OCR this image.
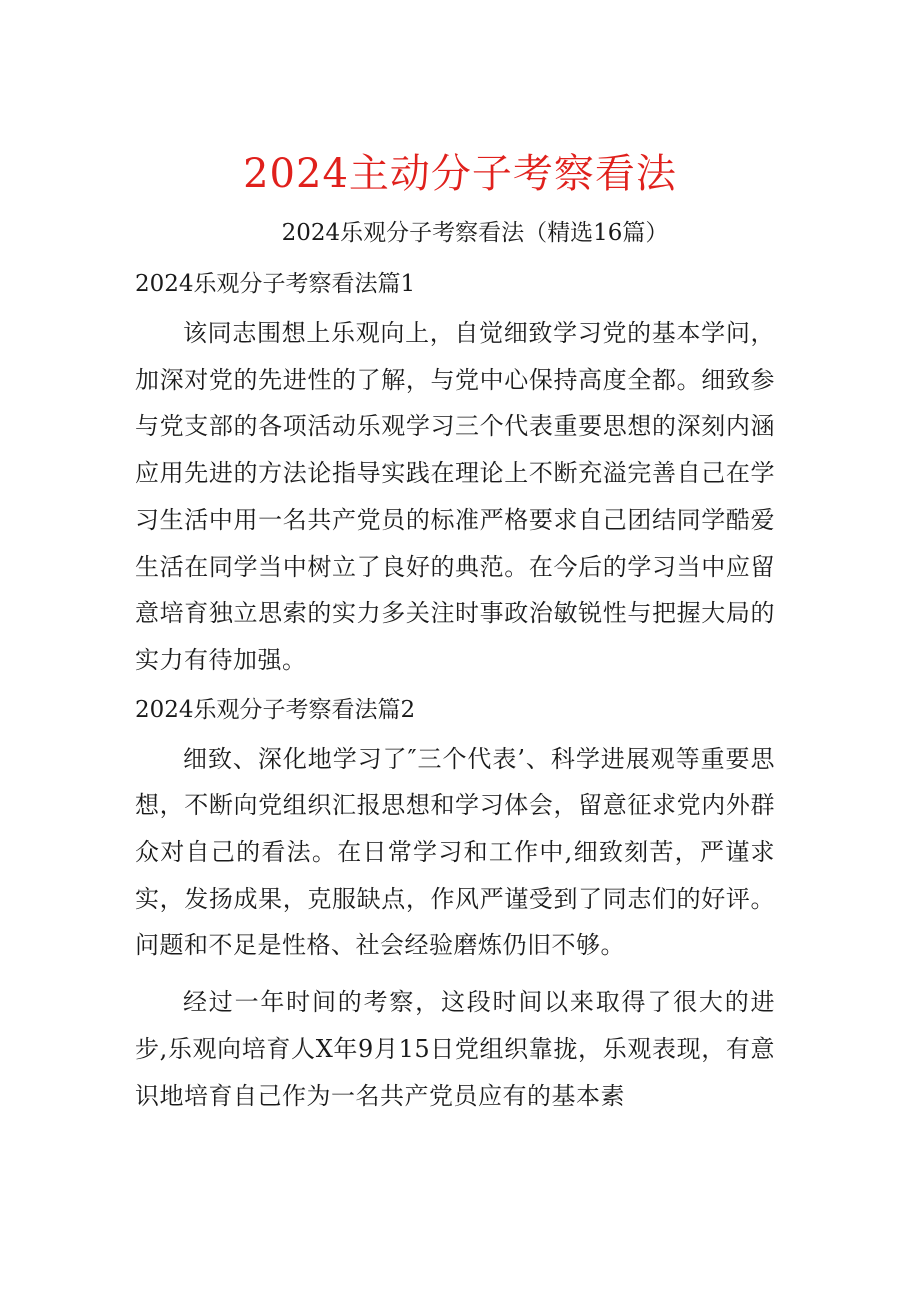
2024主动分子考察看法

2024乐观分子考察看法（精选16篇）

2024乐观分子考察看法篇1

该同志围想上乐观向上，自觉细致学习党的基本学问，加深对党的先进性的了解，与党中心保持高度全都。细致参与党支部的各项活动乐观学习三个代表重要思想的深刻内涵应用先进的方法论指导实践在理论上不断充溢完善自己在学习生活中用一名共产党员的标准严格要求自己团结同学酷爱生活在同学当中树立了良好的典范。在今后的学习当中应留意培育独立思索的实力多关注时事政治敏锐性与把握大局的实力有待加强。

2024乐观分子考察看法篇2

细致、深化地学习了″三个代表’、科学进展观等重要思想，不断向党组织汇报思想和学习体会，留意征求党内外群众对自己的看法。在日常学习和工作中,细致刻苦，严谨求实，发扬成果，克服缺点，作风严谨受到了同志们的好评。问题和不足是性格、社会经验磨炼仍旧不够。

经过一年时间的考察，这段时间以来取得了很大的进步,乐观向培育人X年9月15日党组织靠拢，乐观表现，有意识地培育自己作为一名共产党员应有的基本素
